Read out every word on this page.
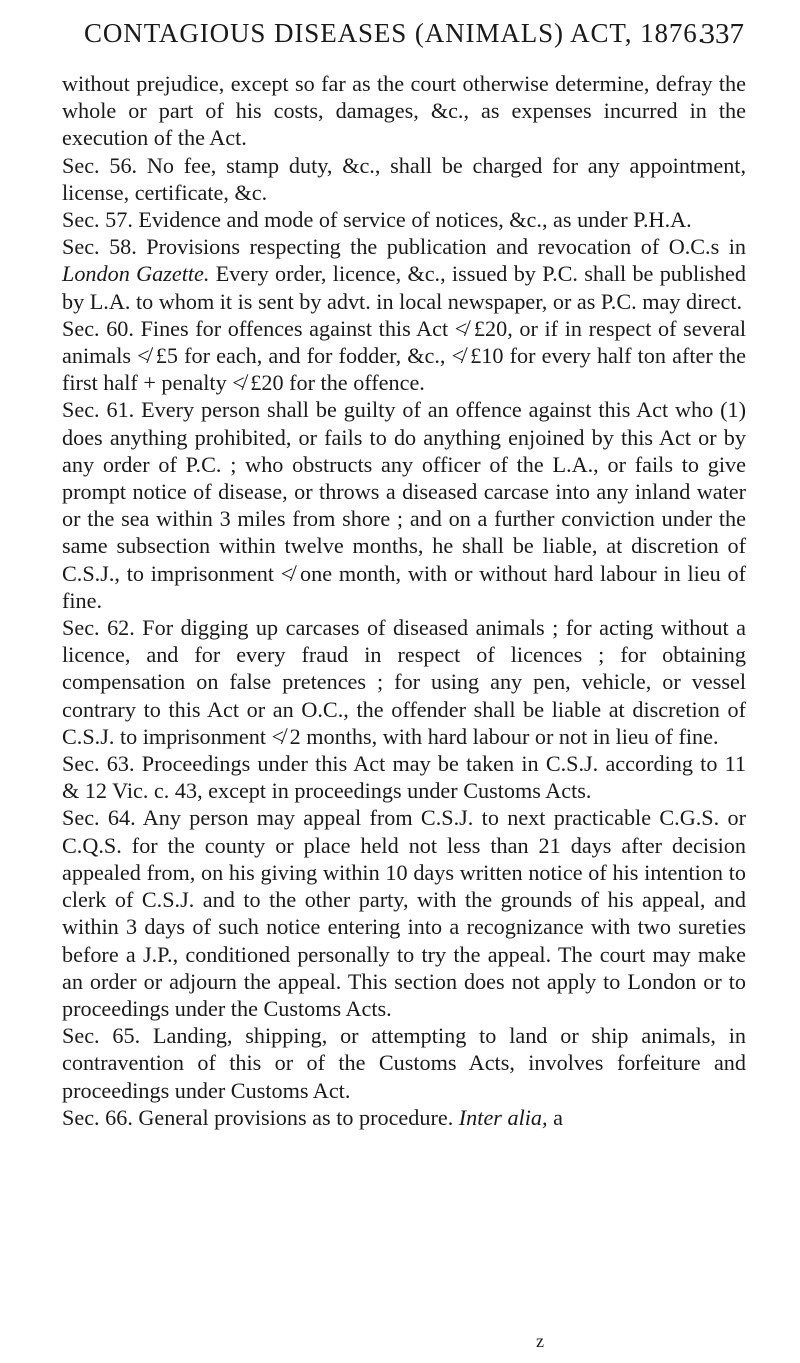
CONTAGIOUS DISEASES (ANIMALS) ACT, 1876.
337

without prejudice, except so far as the court otherwise determine, defray the whole or part of his costs, damages, &c., as expenses incurred in the execution of the Act.

Sec. 56. No fee, stamp duty, &c., shall be charged for any appointment, license, certificate, &c.

Sec. 57. Evidence and mode of service of notices, &c., as under P.H.A.

Sec. 58. Provisions respecting the publication and revocation of O.C.s in London Gazette. Every order, licence, &c., issued by P.C. shall be published by L.A. to whom it is sent by advt. in local newspaper, or as P.C. may direct.

Sec. 60. Fines for offences against this Act ≮ £20, or if in respect of several animals ≮ £5 for each, and for fodder, &c., ≮ £10 for every half ton after the first half + penalty ≮ £20 for the offence.

Sec. 61. Every person shall be guilty of an offence against this Act who (1) does anything prohibited, or fails to do anything enjoined by this Act or by any order of P.C. ; who obstructs any officer of the L.A., or fails to give prompt notice of disease, or throws a diseased carcase into any inland water or the sea within 3 miles from shore ; and on a further conviction under the same subsection within twelve months, he shall be liable, at discretion of C.S.J., to imprisonment ≮ one month, with or without hard labour in lieu of fine.

Sec. 62. For digging up carcases of diseased animals ; for acting without a licence, and for every fraud in respect of licences ; for obtaining compensation on false pretences ; for using any pen, vehicle, or vessel contrary to this Act or an O.C., the offender shall be liable at discretion of C.S.J. to imprisonment ≮ 2 months, with hard labour or not in lieu of fine.

Sec. 63. Proceedings under this Act may be taken in C.S.J. according to 11 & 12 Vic. c. 43, except in proceedings under Customs Acts.

Sec. 64. Any person may appeal from C.S.J. to next practicable C.G.S. or C.Q.S. for the county or place held not less than 21 days after decision appealed from, on his giving within 10 days written notice of his intention to clerk of C.S.J. and to the other party, with the grounds of his appeal, and within 3 days of such notice entering into a recognizance with two sureties before a J.P., conditioned personally to try the appeal. The court may make an order or adjourn the appeal. This section does not apply to London or to proceedings under the Customs Acts.

Sec. 65. Landing, shipping, or attempting to land or ship animals, in contravention of this or of the Customs Acts, involves forfeiture and proceedings under Customs Act.

Sec. 66. General provisions as to procedure. Inter alia, a

z
